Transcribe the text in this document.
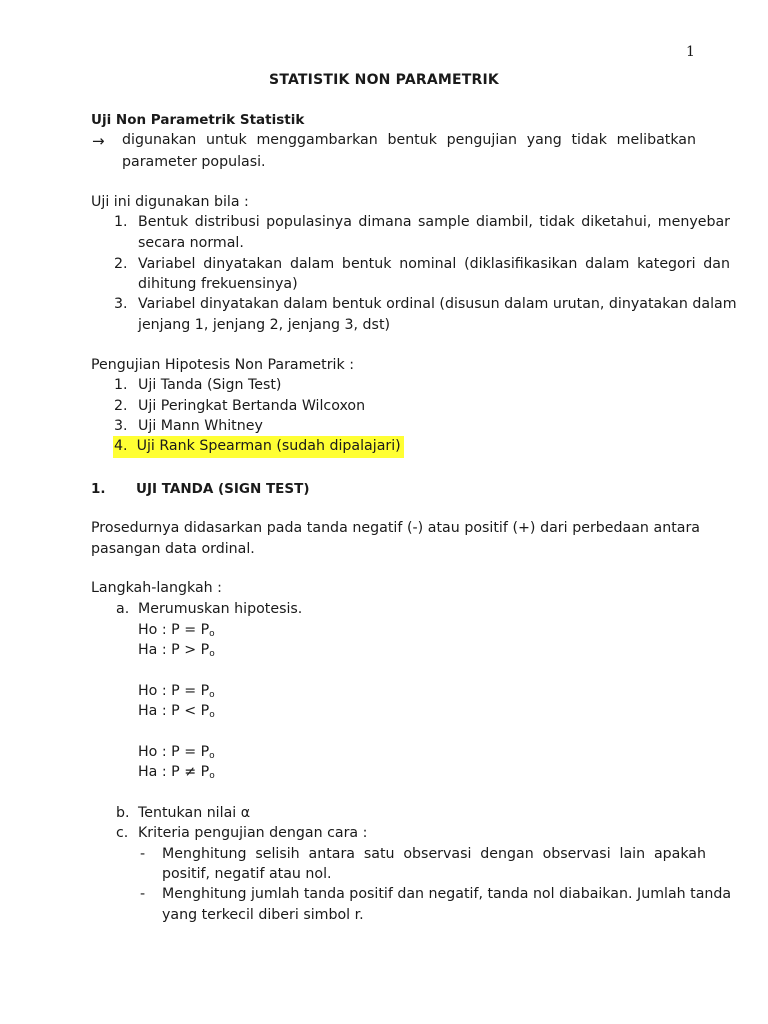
1
STATISTIK NON PARAMETRIK
Uji Non Parametrik Statistik
→ digunakan untuk menggambarkan bentuk pengujian yang tidak melibatkan
parameter populasi.
Uji ini digunakan bila :
1. Bentuk distribusi populasinya dimana sample diambil, tidak diketahui, menyebar
secara normal.
2. Variabel dinyatakan dalam bentuk nominal (diklasifikasikan dalam kategori dan
dihitung frekuensinya)
3. Variabel dinyatakan dalam bentuk ordinal (disusun dalam urutan, dinyatakan dalam
jenjang 1, jenjang 2, jenjang 3, dst)
Pengujian Hipotesis Non Parametrik :
1. Uji Tanda (Sign Test)
2. Uji Peringkat Bertanda Wilcoxon
3. Uji Mann Whitney
4. Uji Rank Spearman (sudah dipalajari)
1. UJI TANDA (SIGN TEST)
Prosedurnya didasarkan pada tanda negatif (-) atau positif (+) dari perbedaan antara
pasangan data ordinal.
Langkah-langkah :
a. Merumuskan hipotesis.
Ho : $P = P_o$
Ha : $P > P_o$
Ho : $P = P_o$
Ha : $P < P_o$
Ho : $P = P_o$
Ha : $P \ne P_o$
b. Tentukan nilai α
c. Kriteria pengujian dengan cara :
- Menghitung selisih antara satu observasi dengan observasi lain apakah
positif, negatif atau nol.
- Menghitung jumlah tanda positif dan negatif, tanda nol diabaikan. Jumlah tanda
yang terkecil diberi simbol r.
